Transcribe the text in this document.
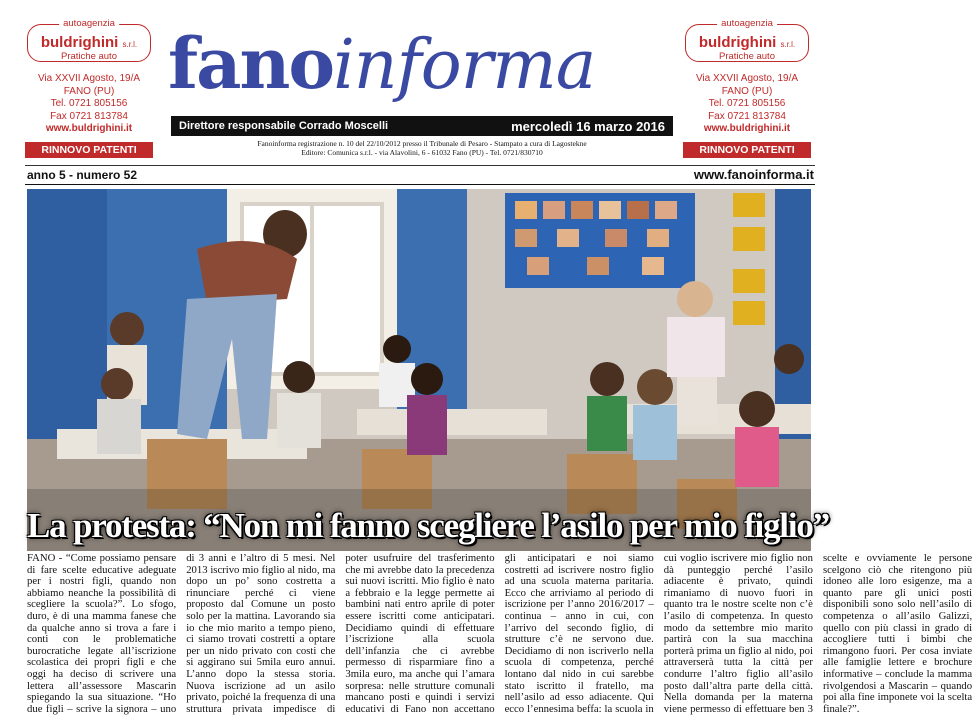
autoagenzia
buldrighini s.r.l.
Pratiche auto
Via XXVII Agosto, 19/A
FANO (PU)
Tel. 0721 805156
Fax 0721 813784
www.buldrighini.it
RINNOVO PATENTI
autoagenzia
buldrighini s.r.l.
Pratiche auto
Via XXVII Agosto, 19/A
FANO (PU)
Tel. 0721 805156
Fax 0721 813784
www.buldrighini.it
RINNOVO PATENTI
fanoinforma
Direttore responsabile Corrado Moscelli	mercoledì 16 marzo 2016
Fanoinforma registrazione n. 10 del 22/10/2012 presso il Tribunale di Pesaro - Stampato a cura di Lagostekne
Editore: Comunica s.r.l. - via Alavolini, 6 - 61032 Fano (PU) - Tel. 0721/830710
anno 5 - numero 52	www.fanoinforma.it
La protesta: “Non mi fanno scegliere l’asilo per mio figlio”
FANO - “Come possiamo pensare di fare scelte educative adeguate per i nostri figli, quando non abbiamo neanche la possibilità di scegliere la scuola?”. Lo sfogo, duro, è di una mamma fanese che da qualche anno si trova a fare i conti con le problematiche burocratiche legate all’iscrizione scolastica dei propri figli e che oggi ha deciso di scrivere una lettera all’assessore Mascarin spiegando la sua situazione. “Ho due figli – scrive la signora – uno di 3 anni e l’altro di 5 mesi. Nel 2013 iscrivo mio figlio al nido, ma dopo un po’ sono costretta a rinunciare perché ci viene proposto dal Comune un posto solo per la mattina. Lavorando sia io che mio marito a tempo pieno, ci siamo trovati costretti a optare per un nido privato con costi che si aggirano sui 5mila euro annui. L’anno dopo la stessa storia. Nuova iscrizione ad un asilo privato, poiché la frequenza di una struttura privata impedisce di poter usufruire del trasferimento che mi avrebbe dato la precedenza sui nuovi iscritti. Mio figlio è nato a febbraio e la legge permette ai bambini nati entro aprile di poter essere iscritti come anticipatari. Decidiamo quindi di effettuare l’iscrizione alla scuola dell’infanzia che ci avrebbe permesso di risparmiare fino a 3mila euro, ma anche qui l’amara sorpresa: nelle strutture comunali mancano posti e quindi i servizi educativi di Fano non accettano gli anticipatari e noi siamo costretti ad iscrivere nostro figlio ad una scuola materna paritaria. Ecco che arriviamo al periodo di iscrizione per l’anno 2016/2017 – continua – anno in cui, con l’arrivo del secondo figlio, di strutture c’è ne servono due. Decidiamo di non iscriverlo nella scuola di competenza, perché lontano dal nido in cui sarebbe stato iscritto il fratello, ma nell’asilo ad esso adiacente. Qui ecco l’ennesima beffa: la scuola in cui voglio iscrivere mio figlio non dà punteggio perché l’asilo adiacente è privato, quindi rimaniamo di nuovo fuori in quanto tra le nostre scelte non c’è l’asilo di competenza. In questo modo da settembre mio marito partirà con la sua macchina porterà prima un figlio al nido, poi attraverserà tutta la città per condurre l’altro figlio all’asilo posto dall’altra parte della città. Nella domanda per la materna viene permesso di effettuare ben 3 scelte e ovviamente le persone scelgono ciò che ritengono più idoneo alle loro esigenze, ma a quanto pare gli unici posti disponibili sono solo nell’asilo di competenza o all’asilo Galizzi, quello con più classi in grado di accogliere tutti i bimbi che rimangono fuori. Per cosa inviate alle famiglie lettere e brochure informative – conclude la mamma rivolgendosi a Mascarin – quando poi alla fine imponete voi la scelta finale?”.
